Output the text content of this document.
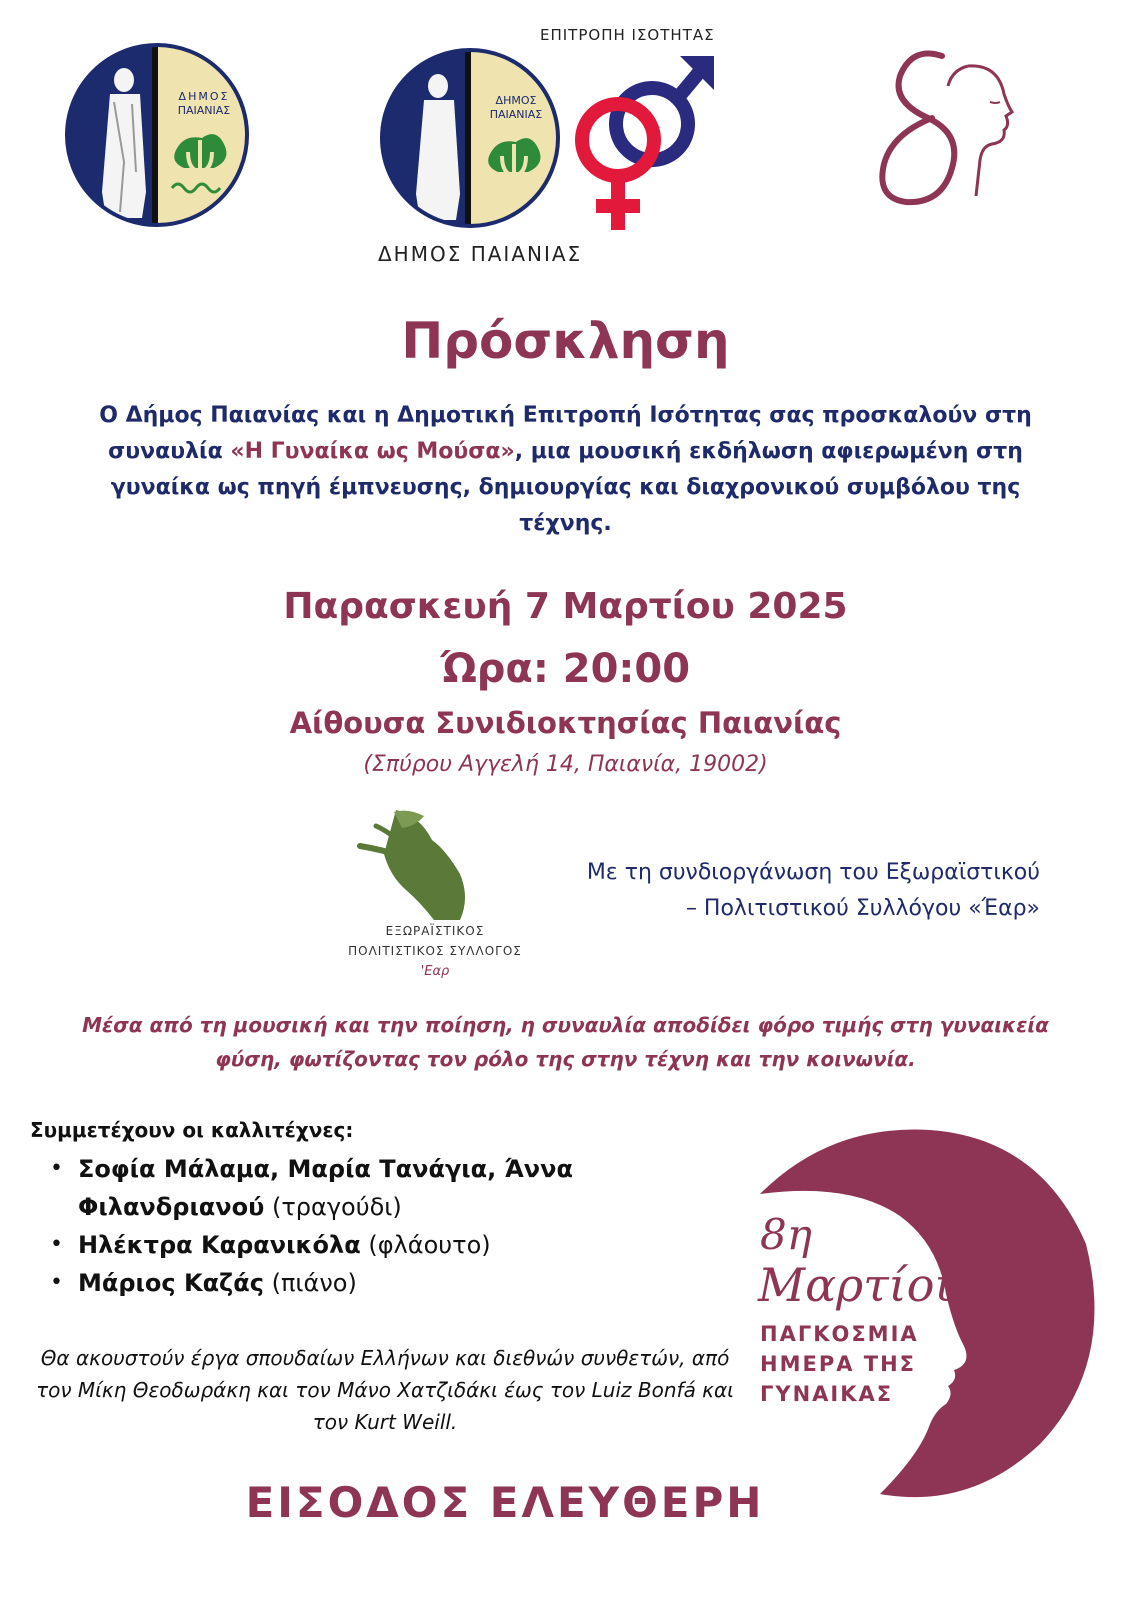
ΔΗΜΟΣ
ΠΑΙΑΝΙΑΣ
ΔΗΜΟΣ
ΠΑΙΑΝΙΑΣ
ΕΠΙΤΡΟΠΗ ΙΣΟΤΗΤΑΣ
ΔΗΜΟΣ ΠΑΙΑΝΙΑΣ
Πρόσκληση
Ο Δήμος Παιανίας και η Δημοτική Επιτροπή Ισότητας σας προσκαλούν στη συναυλία «Η Γυναίκα ως Μούσα», μια μουσική εκδήλωση αφιερωμένη στη γυναίκα ως πηγή έμπνευσης, δημιουργίας και διαχρονικού συμβόλου της τέχνης.
Παρασκευή 7 Μαρτίου 2025
Ώρα: 20:00
Αίθουσα Συνιδιοκτησίας Παιανίας
(Σπύρου Αγγελή 14, Παιανία, 19002)
ΕΞΩΡΑΪΣΤΙΚΟΣ
ΠΟΛΙΤΙΣΤΙΚΟΣ ΣΥΛΛΟΓΟΣ
'Εαρ
Με τη συνδιοργάνωση του Εξωραϊστικού
– Πολιτιστικού Συλλόγου «Έαρ»
Μέσα από τη μουσική και την ποίηση, η συναυλία αποδίδει φόρο τιμής στη γυναικεία φύση, φωτίζοντας τον ρόλο της στην τέχνη και την κοινωνία.
Συμμετέχουν οι καλλιτέχνες:
• Σοφία Μάλαμα, Μαρία Τανάγια, Άννα Φιλανδριανού (τραγούδι)
• Ηλέκτρα Καρανικόλα (φλάουτο)
• Μάριος Καζάς (πιάνο)
Θα ακουστούν έργα σπουδαίων Ελλήνων και διεθνών συνθετών, από τον Μίκη Θεοδωράκη και τον Μάνο Χατζιδάκι έως τον Luiz Bonfá και τον Kurt Weill.
8η
Μαρτίου
ΠΑΓΚΟΣΜΙΑ
ΗΜΕΡΑ ΤΗΣ
ΓΥΝΑΙΚΑΣ
ΕΙΣΟΔΟΣ ΕΛΕΥΘΕΡΗ
